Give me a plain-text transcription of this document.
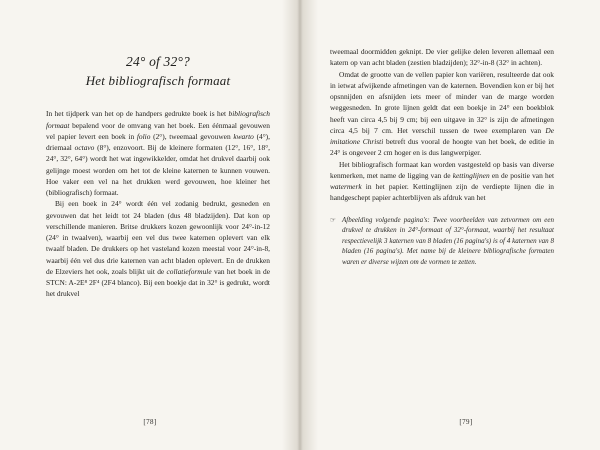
24° of 32°?
Het bibliografisch formaat

In het tijdperk van het op de handpers gedrukte boek is het bibliografisch formaat bepalend voor de omvang van het boek. Een éénmaal gevouwen vel papier levert een boek in folio (2°), tweemaal gevouwen kwarto (4°), driemaal octavo (8°), enzovoort. Bij de kleinere formaten (12°, 16°, 18°, 24°, 32°, 64°) wordt het wat ingewikkelder, omdat het drukvel daarbij ook gelijnge moest worden om het tot de kleine katernen te kunnen vouwen. Hoe vaker een vel na het drukken werd gevouwen, hoe kleiner het (bibliografisch) formaat.

Bij een boek in 24° wordt één vel zodanig bedrukt, gesneden en gevouwen dat het leidt tot 24 bladen (dus 48 bladzijden). Dat kon op verschillende manieren. Britse drukkers kozen gewoonlijk voor 24°-in-12 (24° in twaalven), waarbij een vel dus twee katernen oplevert van elk twaalf bladen. De drukkers op het vasteland kozen meestal voor 24°-in-8, waarbij één vel dus drie katernen van acht bladen oplevert. En de drukken de Elzeviers het ook, zoals blijkt uit de collatieformule van het boek in de STCN: A-2E⁸ 2F⁴ (2F4 blanco). Bij een boekje dat in 32° is gedrukt, wordt het drukvel

[78]

tweemaal doormidden geknipt. De vier gelijke delen leveren allemaal een katern op van acht bladen (zestien bladzijden); 32°-in-8 (32° in achten).

Omdat de grootte van de vellen papier kon variëren, resulteerde dat ook in ietwat afwijkende afmetingen van de katernen. Bovendien kon er bij het opsnnijden en afsnijden iets meer of minder van de marge worden weggesneden. In grote lijnen geldt dat een boekje in 24° een boekblok heeft van circa 4,5 bij 9 cm; bij een uitgave in 32° is zijn de afmetingen circa 4,5 bij 7 cm. Het verschil tussen de twee exemplaren van De imitatione Christi betreft dus vooral de hoogte van het boek, de editie in 24° is ongeveer 2 cm hoger en is dus langwerpiger.

Het bibliografisch formaat kan worden vastgesteld op basis van diverse kenmerken, met name de ligging van de kettinglijnen en de positie van het watermerk in het papier. Kettinglijnen zijn de verdiepte lijnen die in handgeschept papier achterblijven als afdruk van het

☞ Afbeelding volgende pagina's: Twee voorbeelden van zetvormen om een drukvel te drukken in 24°-formaat of 32°-formaat, waarbij het resultaat respectievelijk 3 katernen van 8 bladen (16 pagina's) is of 4 katernen van 8 bladen (16 pagina's). Met name bij de kleinere bibliografische formaten waren er diverse wijzen om de vormen te zetten.
[79]
